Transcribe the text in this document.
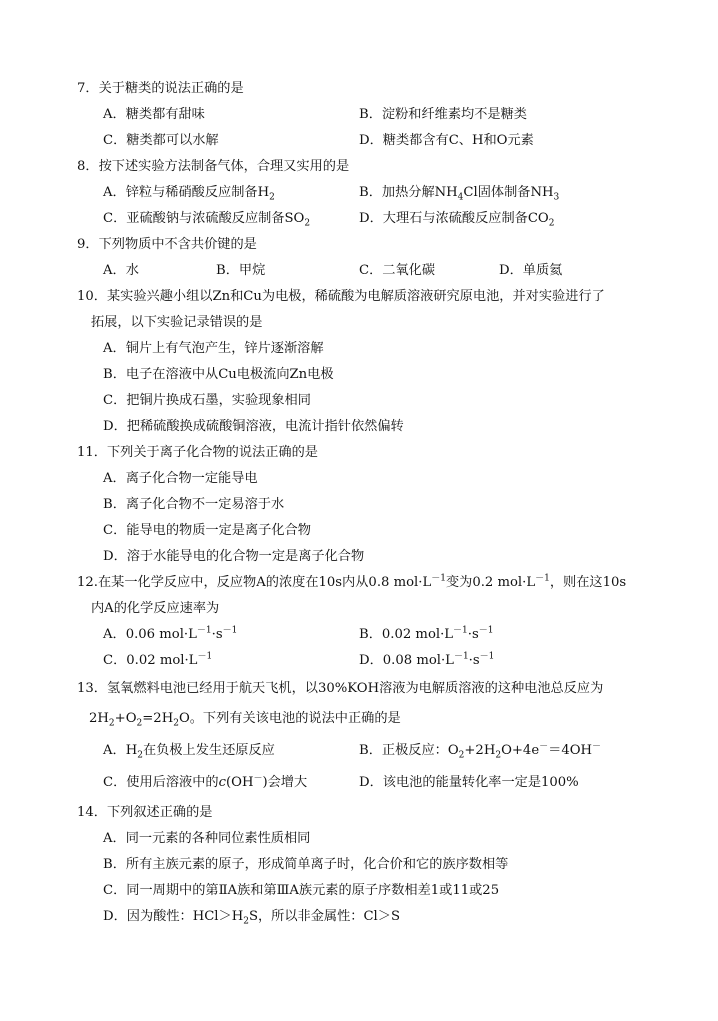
7．关于糖类的说法正确的是
A．糖类都有甜味	B．淀粉和纤维素均不是糖类
C．糖类都可以水解	D．糖类都含有C、H和O元素
8．按下述实验方法制备气体，合理又实用的是
A．锌粒与稀硝酸反应制备$H_2$	B．加热分解$NH_4Cl$固体制备$NH_3$
C．亚硫酸钠与浓硫酸反应制备$SO_2$	D．大理石与浓硫酸反应制备$CO_2$
9．下列物质中不含共价键的是
A．水	B．甲烷	C．二氧化碳	D．单质氦
10．某实验兴趣小组以Zn和Cu为电极，稀硫酸为电解质溶液研究原电池，并对实验进行了
拓展，以下实验记录错误的是
A．铜片上有气泡产生，锌片逐渐溶解
B．电子在溶液中从Cu电极流向Zn电极
C．把铜片换成石墨，实验现象相同
D．把稀硫酸换成硫酸铜溶液，电流计指针依然偏转
11．下列关于离子化合物的说法正确的是
A．离子化合物一定能导电
B．离子化合物不一定易溶于水
C．能导电的物质一定是离子化合物
D．溶于水能导电的化合物一定是离子化合物
12.在某一化学反应中，反应物A的浓度在10s内从0.8 $mol\cdot L^{-1}$变为0.2 $mol\cdot L^{-1}$，则在这10s
内A的化学反应速率为
A．0.06 $mol\cdot L^{-1}\cdot s^{-1}$	B．0.02 $mol\cdot L^{-1}\cdot s^{-1}$
C．0.02 $mol\cdot L^{-1}$	D．0.08 $mol\cdot L^{-1}\cdot s^{-1}$
13．氢氧燃料电池已经用于航天飞机，以30%KOH溶液为电解质溶液的这种电池总反应为
$2H_2+O_2=2H_2O$。下列有关该电池的说法中正确的是
A．$H_2$在负极上发生还原反应	B．正极反应：$O_2+2H_2O+4e^-=4OH^-$
C．使用后溶液中的c(OH－)会增大	D．该电池的能量转化率一定是100%
14．下列叙述正确的是
A．同一元素的各种同位素性质相同
B．所有主族元素的原子，形成简单离子时，化合价和它的族序数相等
C．同一周期中的第ⅡA族和第ⅢA族元素的原子序数相差1或11或25
D．因为酸性：$HCl>H_2S$，所以非金属性：Cl＞S
